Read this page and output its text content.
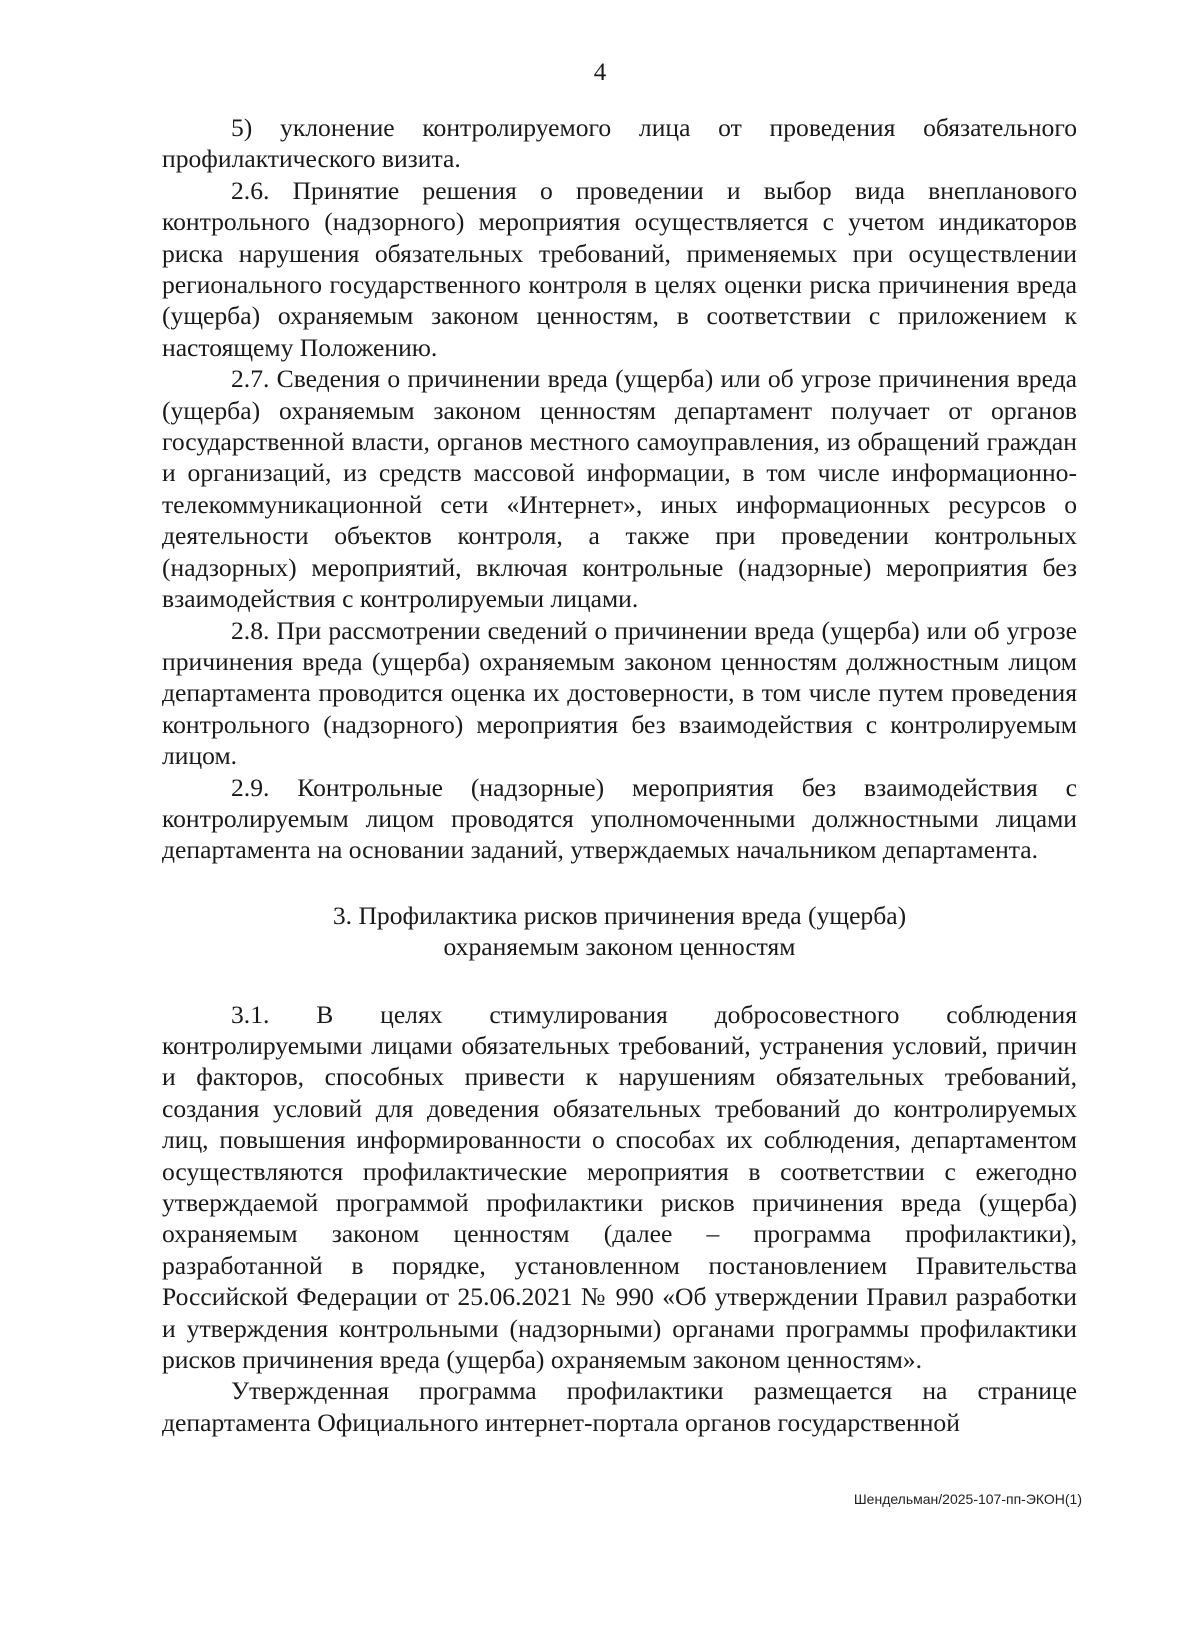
4

5) уклонение контролируемого лица от проведения обязательного профилактического визита.

2.6. Принятие решения о проведении и выбор вида внепланового контрольного (надзорного) мероприятия осуществляется с учетом индикаторов риска нарушения обязательных требований, применяемых при осуществлении регионального государственного контроля в целях оценки риска причинения вреда (ущерба) охраняемым законом ценностям, в соответствии с приложением к настоящему Положению.

2.7. Сведения о причинении вреда (ущерба) или об угрозе причинения вреда (ущерба) охраняемым законом ценностям департамент получает от органов государственной власти, органов местного самоуправления, из обращений граждан и организаций, из средств массовой информации, в том числе информационно-телекоммуникационной сети «Интернет», иных информационных ресурсов о деятельности объектов контроля, а также при проведении контрольных (надзорных) мероприятий, включая контрольные (надзорные) мероприятия без взаимодействия с контролируемыи лицами.

2.8. При рассмотрении сведений о причинении вреда (ущерба) или об угрозе причинения вреда (ущерба) охраняемым законом ценностям должностным лицом департамента проводится оценка их достоверности, в том числе путем проведения контрольного (надзорного) мероприятия без взаимодействия с контролируемым лицом.

2.9. Контрольные (надзорные) мероприятия без взаимодействия с контролируемым лицом проводятся уполномоченными должностными лицами департамента на основании заданий, утверждаемых начальником департамента.

3. Профилактика рисков причинения вреда (ущерба)
охраняемым законом ценностям

3.1. В целях стимулирования добросовестного соблюдения контролируемыми лицами обязательных требований, устранения условий, причин и факторов, способных привести к нарушениям обязательных требований, создания условий для доведения обязательных требований до контролируемых лиц, повышения информированности о способах их соблюдения, департаментом осуществляются профилактические мероприятия в соответствии с ежегодно утверждаемой программой профилактики рисков причинения вреда (ущерба) охраняемым законом ценностям (далее – программа профилактики), разработанной в порядке, установленном постановлением Правительства Российской Федерации от 25.06.2021 № 990 «Об утверждении Правил разработки и утверждения контрольными (надзорными) органами программы профилактики рисков причинения вреда (ущерба) охраняемым законом ценностям».

Утвержденная программа профилактики размещается на странице департамента Официального интернет-портала органов государственной

Шендельман/2025-107-пп-ЭКОН(1)
